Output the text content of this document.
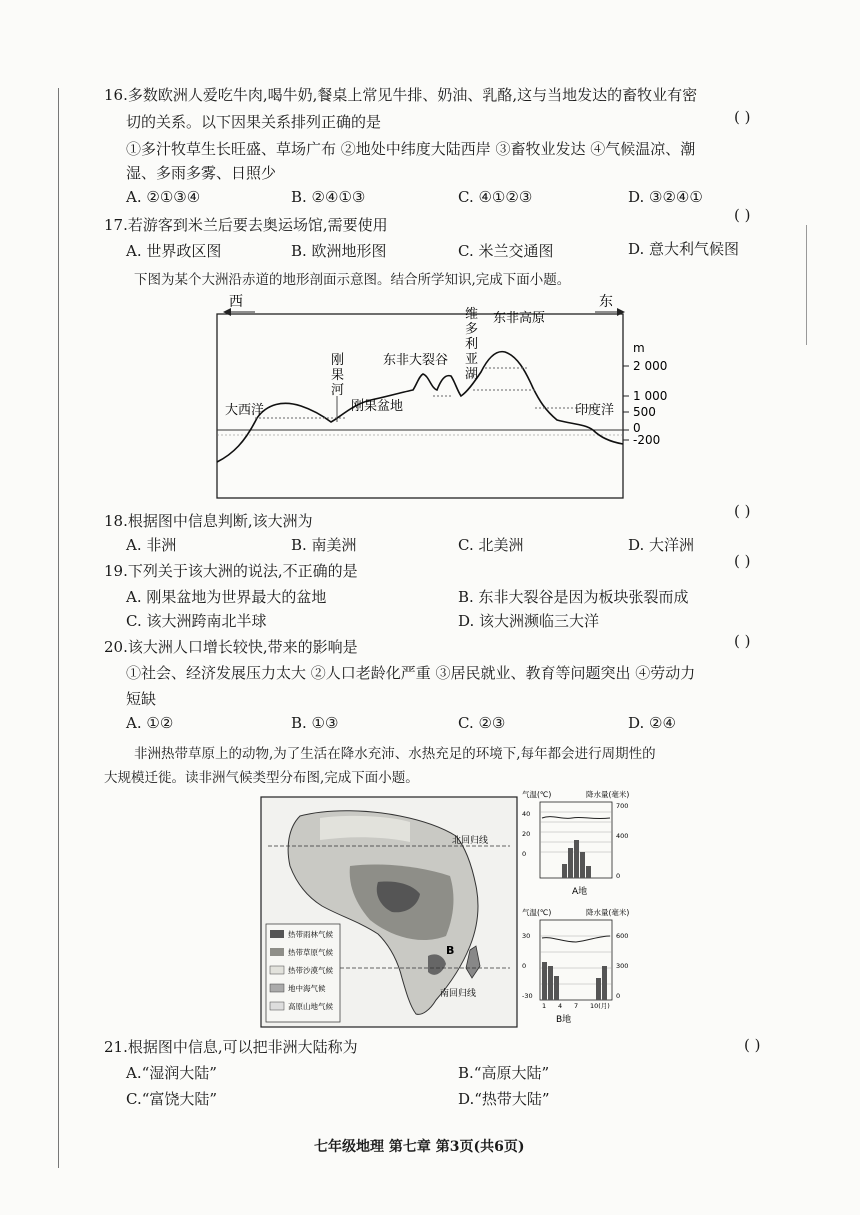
16.多数欧洲人爱吃牛肉,喝牛奶,餐桌上常见牛排、奶油、乳酪,这与当地发达的畜牧业有密
( )
切的关系。以下因果关系排列正确的是
①多汁牧草生长旺盛、草场广布 ②地处中纬度大陆西岸 ③畜牧业发达 ④气候温凉、潮
湿、多雨多雾、日照少
A. ②①③④	B. ②④①③	C. ④①②③	D. ③②④①
17.若游客到米兰后要去奥运场馆,需要使用
( )
A. 世界政区图	B. 欧洲地形图	C. 米兰交通图	D. 意大利气候图
下图为某个大洲沿赤道的地形剖面示意图。结合所学知识,完成下面小题。
西	东
2 000
1 000
500
0
-200
m
大西洋	刚果盆地
东非大裂谷
东非高原
印度洋
刚果河
维多利亚湖
18.根据图中信息判断,该大洲为
( )
A. 非洲	B. 南美洲	C. 北美洲	D. 大洋洲
19.下列关于该大洲的说法,不正确的是
( )
A. 刚果盆地为世界最大的盆地	B. 东非大裂谷是因为板块张裂而成
C. 该大洲跨南北半球	D. 该大洲濒临三大洋
20.该大洲人口增长较快,带来的影响是	( )
①社会、经济发展压力太大 ②人口老龄化严重 ③居民就业、教育等问题突出 ④劳动力
短缺
A. ①②	B. ①③	C. ②③	D. ②④
非洲热带草原上的动物,为了生活在降水充沛、水热充足的环境下,每年都会进行周期性的
大规模迁徙。读非洲气候类型分布图,完成下面小题。
北回归线
南回归线
B
热带雨林气候
热带草原气候
热带沙漠气候
地中海气候
高原山地气候
气温(℃)	降水量(毫米)
40
20
0
700
400
0
A地
气温(℃)	降水量(毫米)
30
0
-30
600
300
0
1 4 7 10(月)
B地
21.根据图中信息,可以把非洲大陆称为	( )
A.“湿润大陆”	B.“高原大陆”
C.“富饶大陆”	D.“热带大陆”
七年级地理 第七章 第3页(共6页)
